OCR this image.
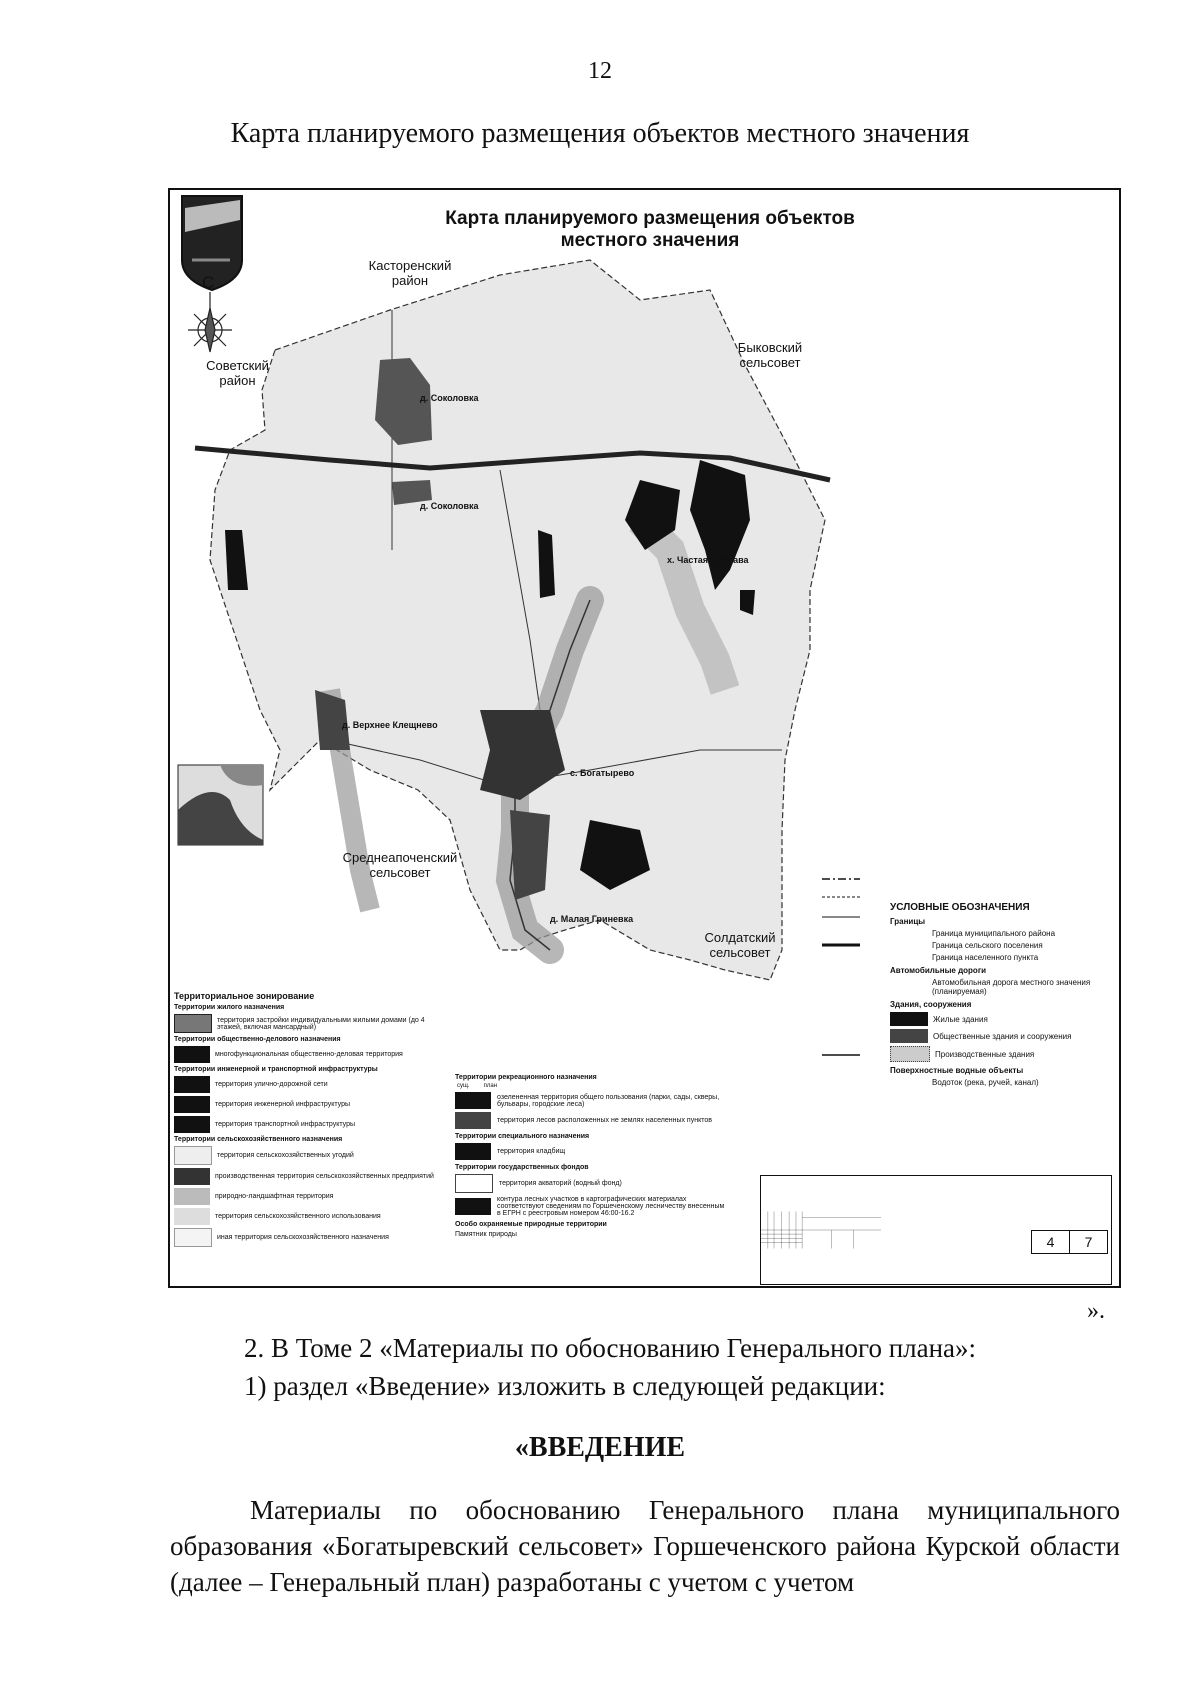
12
Карта планируемого размещения объектов местного значения
С
Карта планируемого размещения объектов
местного значения
Касторенский
район
Советский
район
Быковский
сельсовет
Среднеапоченский
сельсовет
Солдатский
сельсовет
д. Соколовка
д. Соколовка
х. Частая Дубрава
д. Верхнее Клещнево
с. Богатырево
д. Малая Гриневка
УСЛОВНЫЕ ОБОЗНАЧЕНИЯ
Границы
Граница муниципального района
Граница сельского поселения
Граница населенного пункта
Автомобильные дороги
Автомобильная дорога местного значения (планируемая)
Здания, сооружения
Жилые здания
Общественные здания и сооружения
Производственные здания
Поверхностные водные объекты
Водоток (река, ручей, канал)
Территориальное зонирование
Территории жилого назначения
территория застройки индивидуальными жилыми домами (до 4 этажей, включая мансардный)
Территории общественно-делового назначения
многофункциональная общественно-деловая территория
Территории инженерной и транспортной инфраструктуры
территория улично-дорожной сети
территория инженерной инфраструктуры
территория транспортной инфраструктуры
Территории сельскохозяйственного назначения
территория сельскохозяйственных угодий
производственная территория сельскохозяйственных предприятий
природно-ландшафтная территория
территория сельскохозяйственного использования
иная территория сельскохозяйственного назначения
Территории рекреационного назначения
сущ. план
озелененная территория общего пользования (парки, сады, скверы, бульвары, городские леса)
территория лесов расположенных не землях населенных пунктов
Территории специального назначения
территория кладбищ
Территории государственных фондов
территория акваторий (водный фонд)
контура лесных участков в картографических материалах соответствуют сведениям по Горшеченскому лесничеству внесенным в ЕГРН с реестровым номером 46:00-16.2
Особо охраняемые природные территории
Памятник природы	4	7
».
2. В Томе 2 «Материалы по обоснованию Генерального плана»:
1) раздел «Введение» изложить в следующей редакции:
«ВВЕДЕНИЕ
Материалы по обоснованию Генерального плана муниципального образования «Богатыревский сельсовет» Горшеченского района Курской области (далее – Генеральный план) разработаны с учетом с учетом
